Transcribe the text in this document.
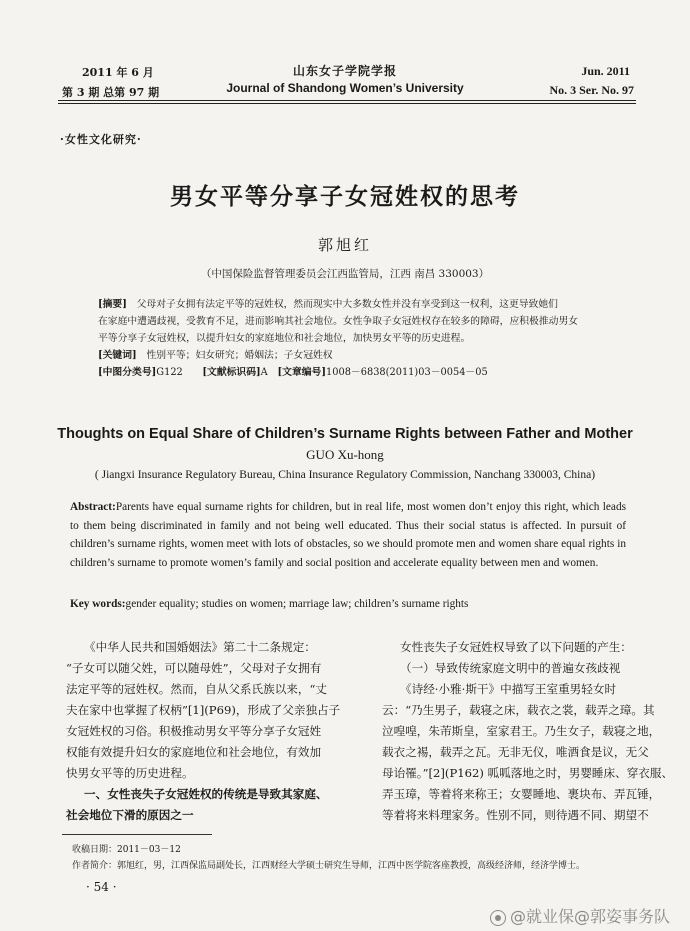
2011 年 6 月
第 3 期 总第 97 期
山东女子学院学报
Journal of Shandong Women’s University
Jun. 2011
No. 3 Ser. No. 97
·女性文化研究·
男女平等分享子女冠姓权的思考
郭旭红
（中国保险监督管理委员会江西监管局，江西 南昌 330003）
[摘要]　 父母对子女拥有法定平等的冠姓权，然而现实中大多数女性并没有享受到这一权利，这更导致她们
在家庭中遭遇歧视，受教育不足，进而影响其社会地位。女性争取子女冠姓权存在较多的障碍，应积极推动男女
平等分享子女冠姓权，以提升妇女的家庭地位和社会地位，加快男女平等的历史进程。
[关键词]　 性别平等；妇女研究；婚姻法；子女冠姓权
[中图分类号]G122　　 [文献标识码]A　 [文章编号]1008－6838(2011)03－0054－05
Thoughts on Equal Share of Children’s Surname Rights between Father and Mother
GUO Xu-hong
( Jiangxi Insurance Regulatory Bureau, China Insurance Regulatory Commission, Nanchang 330003, China)
Abstract:Parents have equal surname rights for children, but in real life, most women don’t enjoy this right, which leads to them being discriminated in family and not being well educated. Thus their social status is affected. In pursuit of children’s surname rights, women meet with lots of obstacles, so we should promote men and women share equal rights in children’s surname to promote women’s family and social position and accelerate equality between men and women.
Key words:gender equality; studies on women; marriage law; children’s surname rights
《中华人民共和国婚姻法》第二十二条规定：
“子女可以随父姓，可以随母姓”，父母对子女拥有
法定平等的冠姓权。然而，自从父系氏族以来，“丈
夫在家中也掌握了权柄”[1](P69)，形成了父亲独占子
女冠姓权的习俗。积极推动男女平等分享子女冠姓
权能有效提升妇女的家庭地位和社会地位，有效加
快男女平等的历史进程。
一、女性丧失子女冠姓权的传统是导致其家庭、
社会地位下滑的原因之一
女性丧失子女冠姓权导致了以下问题的产生：
（一）导致传统家庭文明中的普遍女孩歧视
《诗经·小雅·斯干》中描写王室重男轻女时
云：“乃生男子，载寝之床，载衣之裳，载弄之璋。其
泣喤喤，朱芾斯皇，室家君王。乃生女子，载寝之地，
载衣之裼，载弄之瓦。无非无仪，唯酒食是议，无父
母诒罹。”[2](P162) 呱呱落地之时，男婴睡床、穿衣服、
弄玉璋，等着将来称王；女婴睡地、裹块布、弄瓦锤，
等着将来料理家务。性别不同，则待遇不同、期望不
收稿日期：2011－03－12
作者简介：郭旭红，男，江西保监局副处长，江西财经大学硕士研究生导师，江西中医学院客座教授，高级经济师，经济学博士。
· 54 ·
@就业保@郭姿事务队
